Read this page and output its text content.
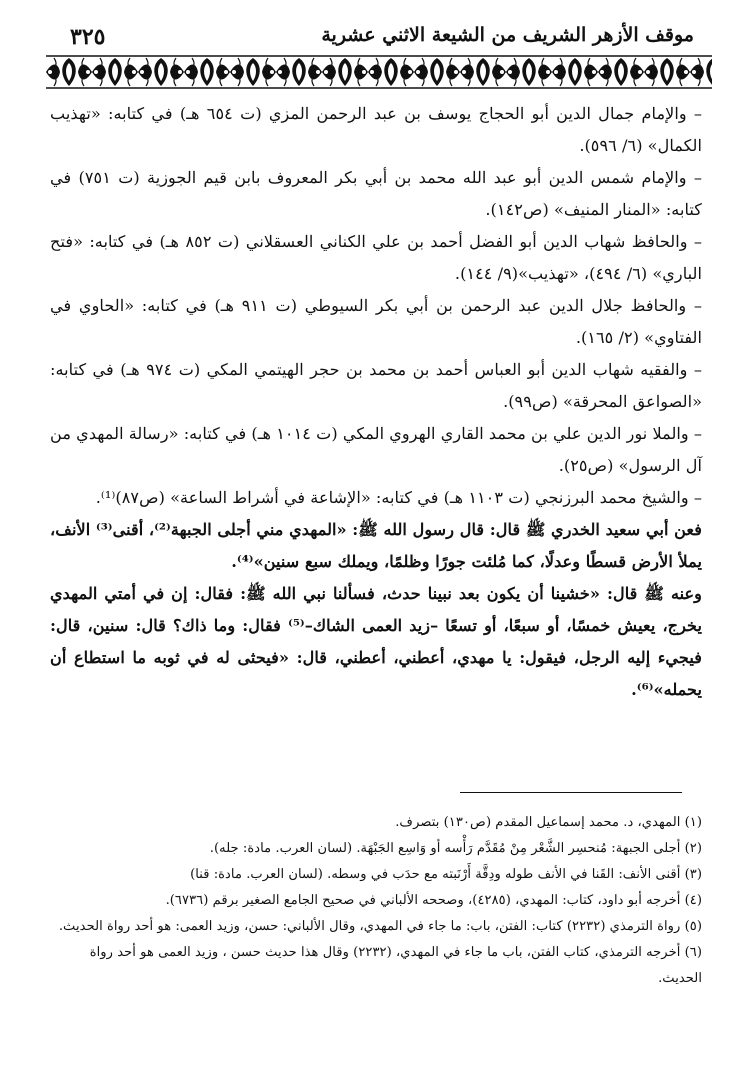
موقف الأزهر الشريف من الشيعة الاثني عشرية
٣٢٥

– والإمام جمال الدين أبو الحجاج يوسف بن عبد الرحمن المزي (ت ٦٥٤ هـ) في كتابه: «تهذيب الكمال» (٦/ ٥٩٦).

– والإمام شمس الدين أبو عبد الله محمد بن أبي بكر المعروف بابن قيم الجوزية (ت ٧٥١) في كتابه: «المنار المنيف» (ص١٤٢).

– والحافظ شهاب الدين أبو الفضل أحمد بن علي الكناني العسقلاني (ت ٨٥٢ هـ) في كتابه: «فتح الباري» (٦/ ٤٩٤)، «تهذيب»(٩/ ١٤٤).

– والحافظ جلال الدين عبد الرحمن بن أبي بكر السيوطي (ت ٩١١ هـ) في كتابه: «الحاوي في الفتاوي» (٢/ ١٦٥).

– والفقيه شهاب الدين أبو العباس أحمد بن محمد بن حجر الهيتمي المكي (ت ٩٧٤ هـ) في كتابه: «الصواعق المحرقة» (ص٩٩).

– والملا نور الدين علي بن محمد القاري الهروي المكي (ت ١٠١٤ هـ) في كتابه: «رسالة المهدي من آل الرسول» (ص٢٥).

– والشيخ محمد البرزنجي (ت ١١٠٣ هـ) في كتابه: «الإشاعة في أشراط الساعة» (ص٨٧)⁽¹⁾.

فعن أبي سعيد الخدري ﷺ قال: قال رسول الله ﷺ: «المهدي مني أجلى الجبهة⁽²⁾، أقنى⁽³⁾ الأنف، يملأ الأرض قسطًا وعدلًا، كما مُلئت جورًا وظلمًا، ويملك سبع سنين»⁽⁴⁾.

وعنه ﷺ قال: «خشينا أن يكون بعد نبينا حدث، فسألنا نبي الله ﷺ: فقال: إن في أمتي المهدي يخرج، يعيش خمسًا، أو سبعًا، أو تسعًا –زيد العمى الشاك–⁽⁵⁾ فقال: وما ذاك؟ قال: سنين، قال: فيجيء إليه الرجل، فيقول: يا مهدي، أعطني، أعطني، قال: «فيحثى له في ثوبه ما استطاع أن يحمله»⁽⁶⁾.

(١) المهدي، د. محمد إسماعيل المقدم (ص١٣٠) بتصرف.

(٢) أجلى الجبهة: مُنحسِر الشَّعْر مِنْ مُقَدَّم رَأْسه أو وَاسِع الجَبْهَة. (لسان العرب. مادة: جله).

(٣) أقنى الأنف: القَنا في الأنف طوله ودِقَّة أَرْنَبته مع حدَب في وسطه. (لسان العرب. مادة: قنا)

(٤) أخرجه أبو داود، كتاب: المهدي، (٤٢٨٥)، وصححه الألباني في صحيح الجامع الصغير برقم (٦٧٣٦).

(٥) رواة الترمذي (٢٢٣٢) كتاب: الفتن، باب: ما جاء في المهدي، وقال الألباني: حسن، وزيد العمى: هو أحد رواة الحديث.

(٦) أخرجه الترمذي، كتاب الفتن، باب ما جاء في المهدي، (٢٢٣٢) وقال هذا حديث حسن ، وزيد العمى هو أحد رواة الحديث.
